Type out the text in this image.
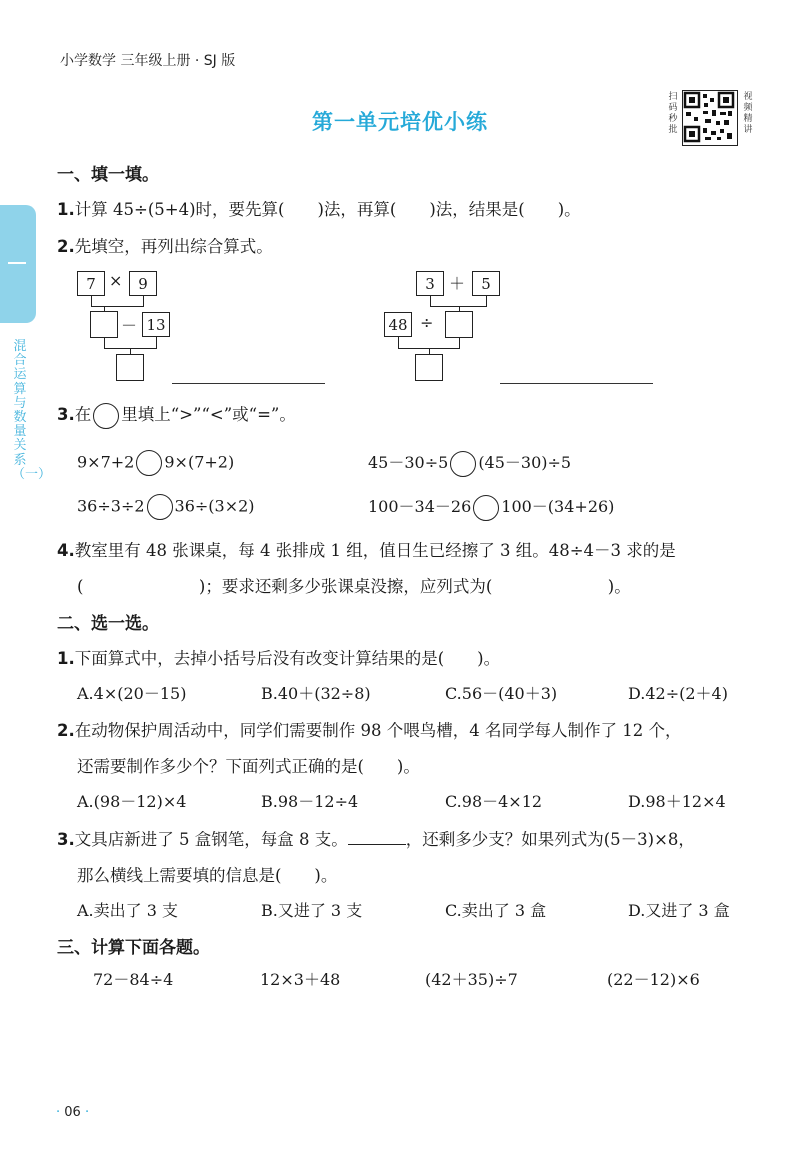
小学数学 三年级上册 · SJ 版
扫码秒批
视频精讲
第一单元培优小练
混合运算与数量关系（一）
一、填一填。
1.计算 45÷(5+4)时，要先算(　　)法，再算(　　)法，结果是(　　)。
2.先填空，再列出综合算式。
7 ×	9
－ 13
3 ＋	5
48 ÷
3.在 里填上“>”“<”或“=”。
9×7+2 9×(7+2)	45－30÷5 (45－30)÷5
36÷3÷2 36÷(3×2)	100－34－26 100－(34+26)
4.教室里有 48 张课桌，每 4 张排成 1 组，值日生已经擦了 3 组。48÷4－3 求的是
(　　　　　　　)；要求还剩多少张课桌没擦，应列式为(　　　　　　　)。
二、选一选。
1.下面算式中，去掉小括号后没有改变计算结果的是(　　)。
A.4×(20－15)	B.40＋(32÷8)	C.56－(40＋3)	D.42÷(2＋4)
2.在动物保护周活动中，同学们需要制作 98 个喂鸟槽，4 名同学每人制作了 12 个，
还需要制作多少个？下面列式正确的是(　　)。
A.(98－12)×4	B.98－12÷4	C.98－4×12	D.98＋12×4
3.文具店新进了 5 盒钢笔，每盒 8 支。	，还剩多少支？如果列式为(5－3)×8，
那么横线上需要填的信息是(　　)。
A.卖出了 3 支	B.又进了 3 支	C.卖出了 3 盒	D.又进了 3 盒
三、计算下面各题。
72－84÷4	12×3＋48	(42＋35)÷7	(22－12)×6
· 06 ·
